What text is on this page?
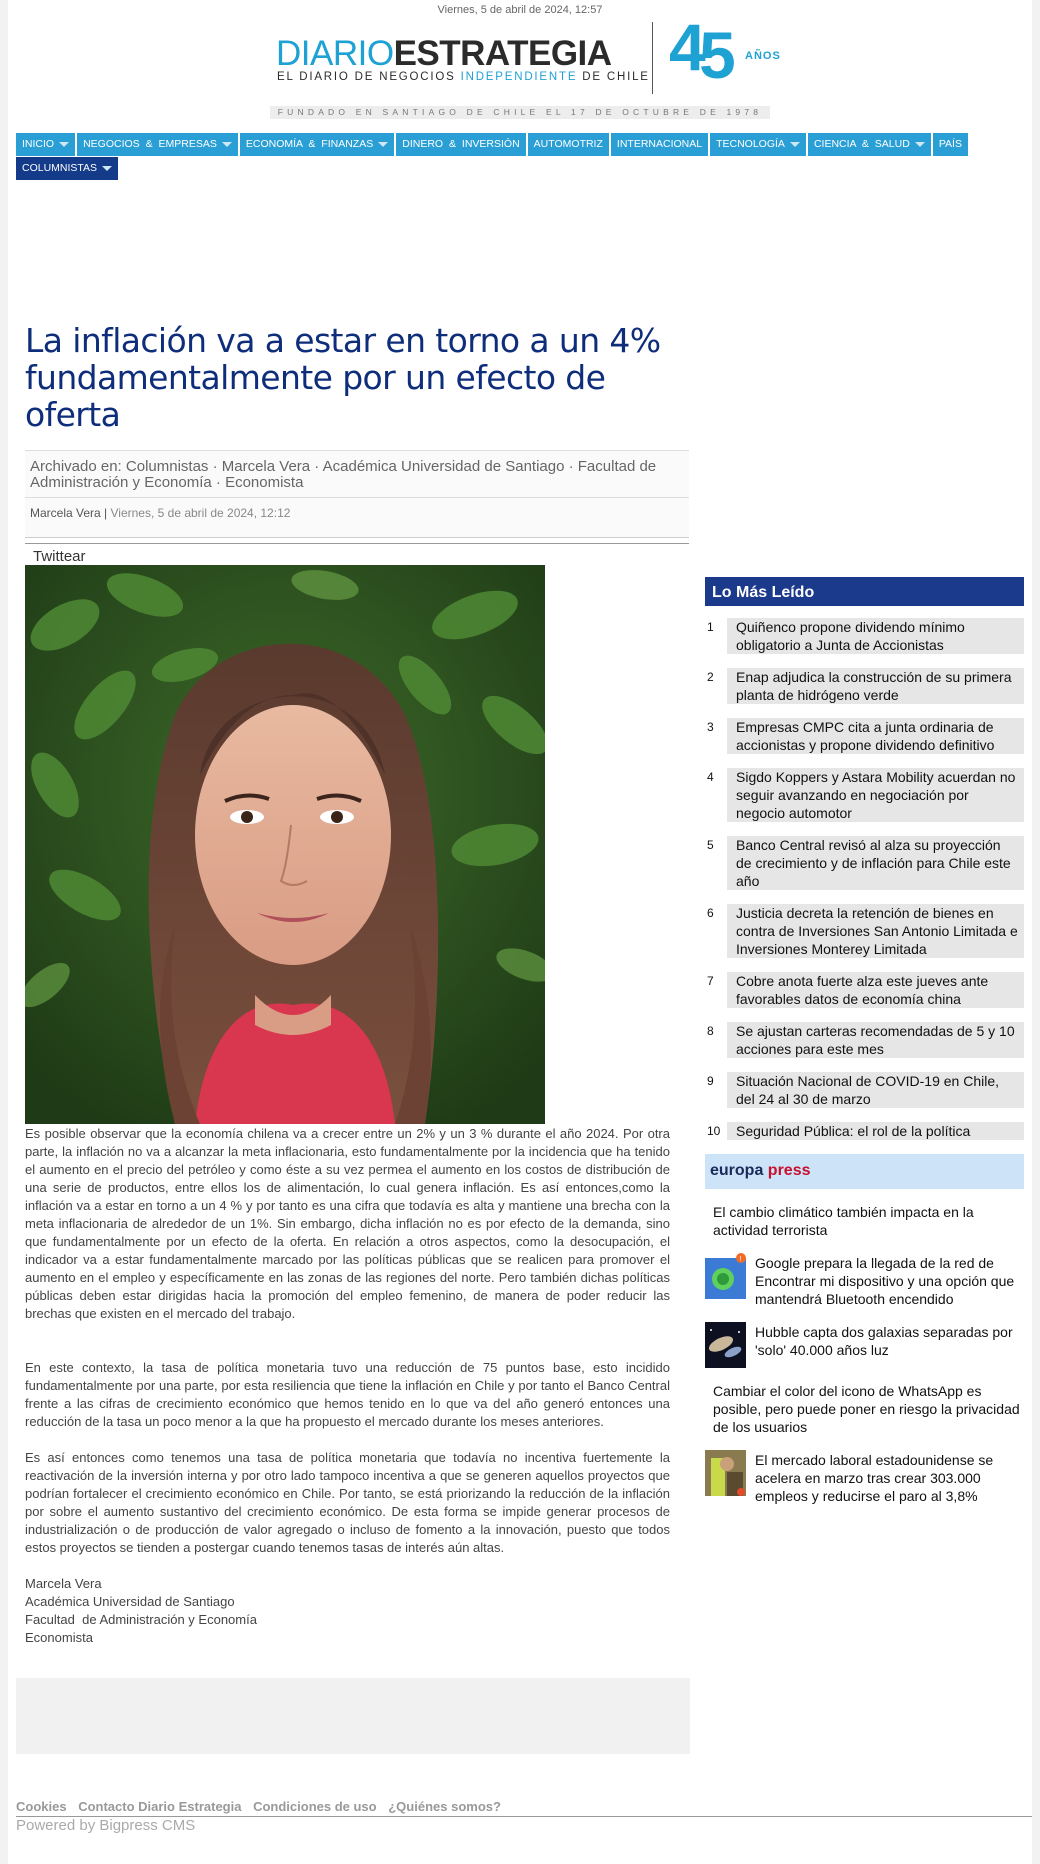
Viernes, 5 de abril de 2024, 12:57
DIARIOESTRATEGIA
EL DIARIO DE NEGOCIOS INDEPENDIENTE DE CHILE 4
5 AÑOS
FUNDADO EN SANTIAGO DE CHILE EL 17 DE OCTUBRE DE 1978
INICIO	NEGOCIOS & EMPRESAS	ECONOMÍA & FINANZAS	DINERO & INVERSIÓN AUTOMOTRIZ INTERNACIONAL TECNOLOGÍA	CIENCIA & SALUD	PAÍS
COLUMNISTAS
La inflación va a estar en torno a un 4% fundamentalmente por un efecto de oferta
Archivado en: Columnistas · Marcela Vera · Académica Universidad de Santiago · Facultad de Administración y Economía · Economista
Marcela Vera | Viernes, 5 de abril de 2024, 12:12
Twittear

Es posible observar que la economía chilena va a crecer entre un 2% y un 3 % durante el año 2024. Por otra parte, la inflación no va a alcanzar la meta inflacionaria, esto fundamentalmente por la incidencia que ha tenido el aumento en el precio del petróleo y como éste a su vez permea el aumento en los costos de distribución de una serie de productos, entre ellos los de alimentación, lo cual genera inflación. Es así entonces,como la inflación va a estar en torno a un 4 % y por tanto es una cifra que todavía es alta y mantiene una brecha con la meta inflacionaria de alrededor de un 1%. Sin embargo, dicha inflación no es por efecto de la demanda, sino que fundamentalmente por un efecto de la oferta. En relación a otros aspectos, como la desocupación, el indicador va a estar fundamentalmente marcado por las políticas públicas que se realicen para promover el aumento en el empleo y específicamente en las zonas de las regiones del norte. Pero también dichas políticas públicas deben estar dirigidas hacia la promoción del empleo femenino, de manera de poder reducir las brechas que existen en el mercado del trabajo.

En este contexto, la tasa de política monetaria tuvo una reducción de 75 puntos base, esto incidido fundamentalmente por una parte, por esta resiliencia que tiene la inflación en Chile y por tanto el Banco Central frente a las cifras de crecimiento económico que hemos tenido en lo que va del año generó entonces una reducción de la tasa un poco menor a la que ha propuesto el mercado durante los meses anteriores.

Es así entonces como tenemos una tasa de política monetaria que todavía no incentiva fuertemente la reactivación de la inversión interna y por otro lado tampoco incentiva a que se generen aquellos proyectos que podrían fortalecer el crecimiento económico en Chile. Por tanto, se está priorizando la reducción de la inflación por sobre el aumento sustantivo del crecimiento económico. De esta forma se impide generar procesos de industrialización o de producción de valor agregado o incluso de fomento a la innovación, puesto que todos estos proyectos se tienden a postergar cuando tenemos tasas de interés aún altas.

Marcela Vera
Académica Universidad de Santiago
Facultad  de Administración y Economía
Economista
Cookies Contacto Diario Estrategia Condiciones de uso ¿Quiénes somos?
Powered by Bigpress CMS
Lo Más Leído
1	Quiñenco propone dividendo mínimo obligatorio a Junta de Accionistas
2	Enap adjudica la construcción de su primera planta de hidrógeno verde
3	Empresas CMPC cita a junta ordinaria de accionistas y propone dividendo definitivo
4	Sigdo Koppers y Astara Mobility acuerdan no seguir avanzando en negociación por negocio automotor
5	Banco Central revisó al alza su proyección de crecimiento y de inflación para Chile este año
6	Justicia decreta la retención de bienes en contra de Inversiones San Antonio Limitada e Inversiones Monterey Limitada
7	Cobre anota fuerte alza este jueves ante favorables datos de economía china
8	Se ajustan carteras recomendadas de 5 y 10 acciones para este mes
9	Situación Nacional de COVID-19 en Chile, del 24 al 30 de marzo
10	Seguridad Pública: el rol de la política
europa press
El cambio climático también impacta en la actividad terrorista
! Google prepara la llegada de la red de Encontrar mi dispositivo y una opción que mantendrá Bluetooth encendido
Hubble capta dos galaxias separadas por 'solo' 40.000 años luz
Cambiar el color del icono de WhatsApp es posible, pero puede poner en riesgo la privacidad de los usuarios
El mercado laboral estadounidense se acelera en marzo tras crear 303.000 empleos y reducirse el paro al 3,8%
